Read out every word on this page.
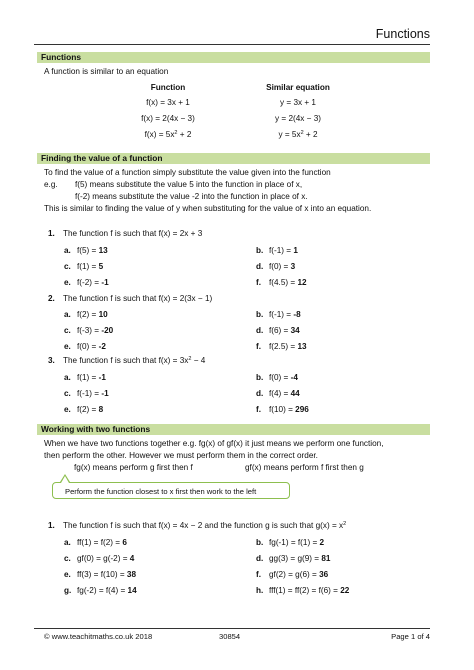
Functions
Functions
A function is similar to an equation
Function	Similar equation
f(x) = 3x + 1	y = 3x + 1
f(x) = 2(4x − 3)	y = 2(4x − 3)
$f(x) = 5x^2 + 2$	$y = 5x^2 + 2$
Finding the value of a function
To find the value of a function simply substitute the value given into the function
e.g. f(5) means substitute the value 5 into the function in place of x,
f(-2) means substitute the value -2 into the function in place of x.
This is similar to finding the value of y when substituting for the value of x into an equation.
1. The function f is such that f(x) = 2x + 3
a. f(5) = 13	b. f(-1) = 1
c. f(1) = 5	d. f(0) = 3
e. f(-2) = -1	f. f(4.5) = 12
2. The function f is such that f(x) = 2(3x − 1)
a. f(2) = 10	b. f(-1) = -8
c. f(-3) = -20	d. f(6) = 34
e. f(0) = -2	f. f(2.5) = 13
3. The function f is such that $f(x) = 3x^2 - 4$
a. f(1) = -1	b. f(0) = -4
c. f(-1) = -1	d. f(4) = 44
e. f(2) = 8	f. f(10) = 296
Working with two functions
When we have two functions together e.g. fg(x) of gf(x) it just means we perform one function,
then perform the other. However we must perform them in the correct order.
fg(x) means perform g first then f	gf(x) means perform f first then g
Perform the function closest to x first then work to the left
1. The function f is such that f(x) = 4x − 2 and the function g is such that $g(x) = x^2$
a. ff(1) = f(2) = 6	b. fg(-1) = f(1) = 2
c. gf(0) = g(-2) = 4	d. gg(3) = g(9) = 81
e. ff(3) = f(10) = 38	f. gf(2) = g(6) = 36
g. fg(-2) = f(4) = 14	h. fff(1) = ff(2) = f(6) = 22
© www.teachitmaths.co.uk 2018	30854	Page 1 of 4
